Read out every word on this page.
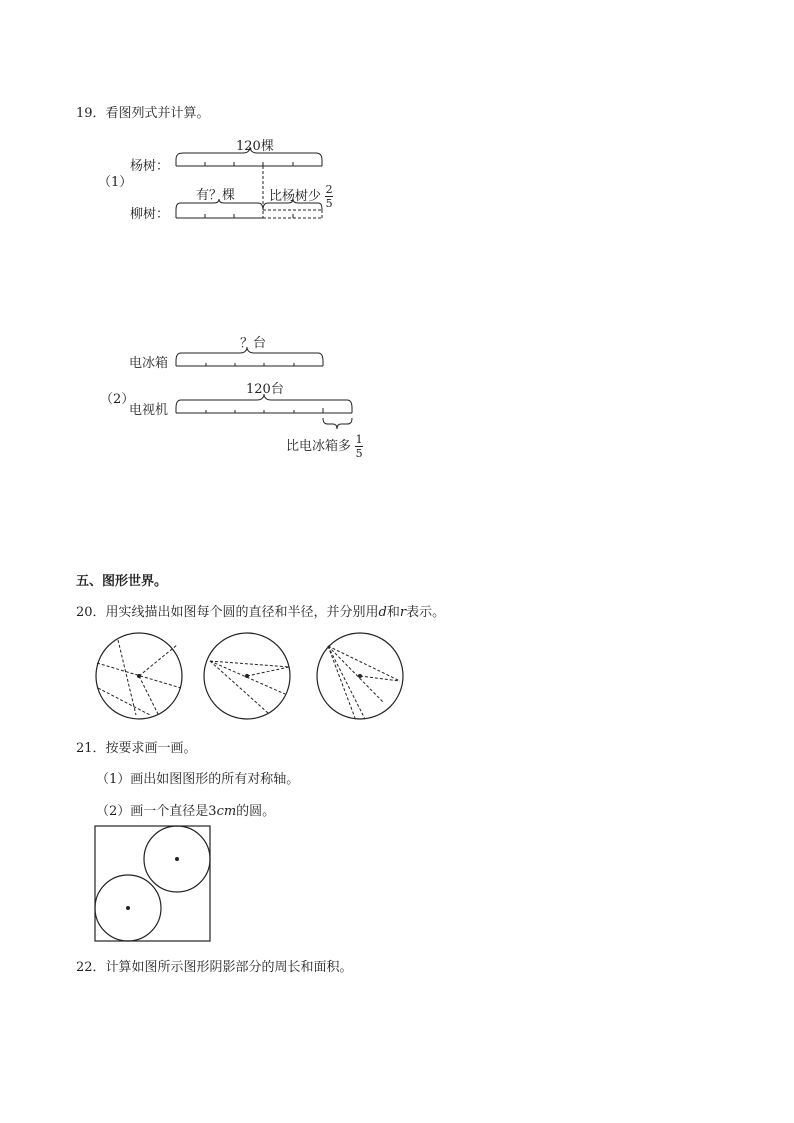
19．看图列式并计算。
（1）
杨树：
柳树：
120棵
有？棵	比杨树少 $\frac{2}{5}$
（2）
电冰箱
电视机
？台
120台
比电冰箱多 $\frac{1}{5}$
五、图形世界。
20．用实线描出如图每个圆的直径和半径，并分别用d和r表示。
21．按要求画一画。
（1）画出如图图形的所有对称轴。
（2）画一个直径是3cm的圆。
22．计算如图所示图形阴影部分的周长和面积。
